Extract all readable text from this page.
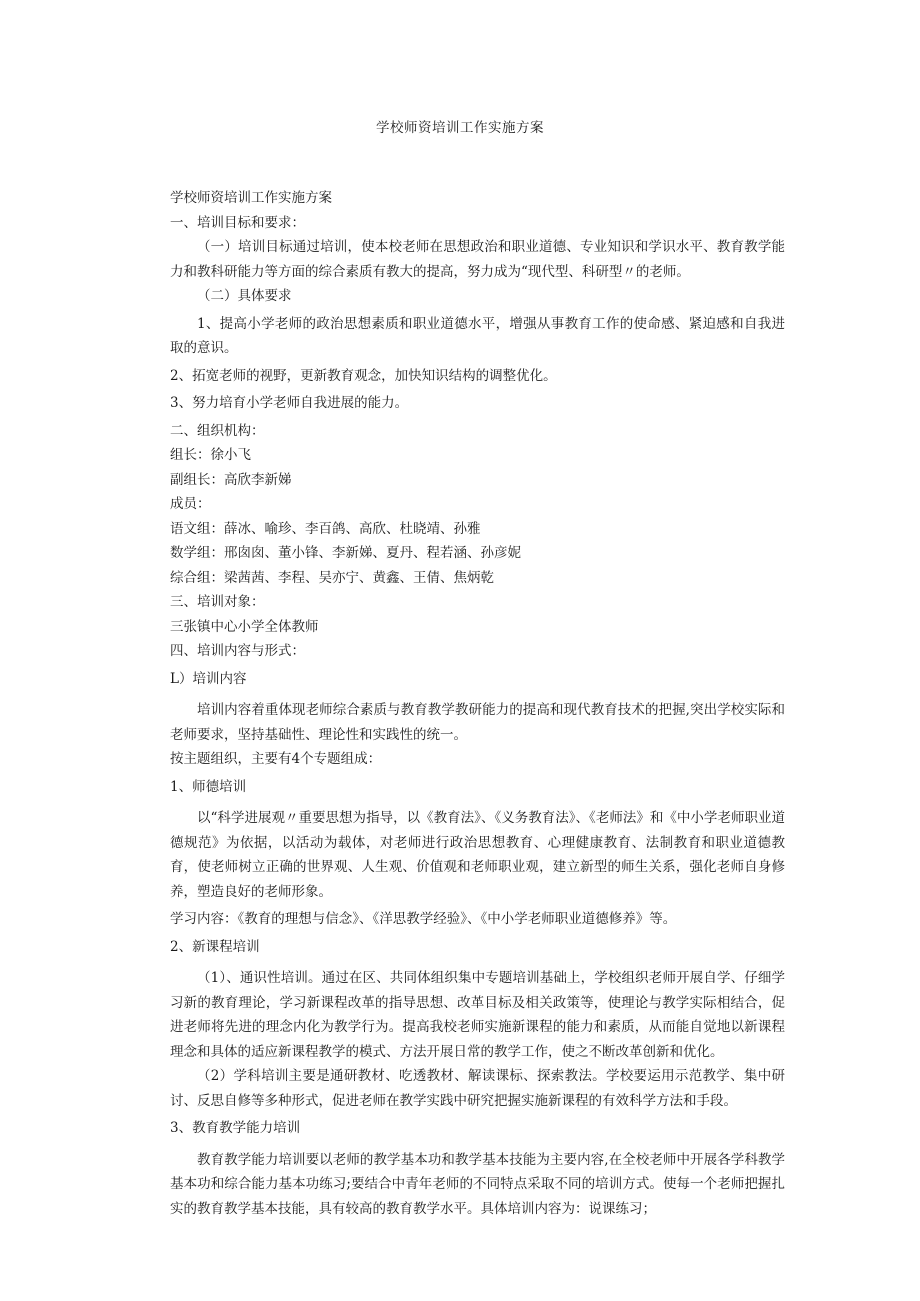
学校师资培训工作实施方案

学校师资培训工作实施方案

一、培训目标和要求：

（一）培训目标通过培训，使本校老师在思想政治和职业道德、专业知识和学识水平、教育教学能力和教科研能力等方面的综合素质有教大的提高，努力成为“现代型、科研型〃的老师。

（二）具体要求

1、提高小学老师的政治思想素质和职业道德水平，增强从事教育工作的使命感、紧迫感和自我进取的意识。

2、拓宽老师的视野，更新教育观念，加快知识结构的调整优化。

3、努力培育小学老师自我进展的能力。

二、组织机构：

组长：徐小飞

副组长：高欣李新娣

成员：

语文组：薛冰、喻珍、李百鸽、高欣、杜晓靖、孙雅

数学组：邢囱囱、董小锋、李新娣、夏丹、程若涵、孙彦妮

综合组：梁茜茜、李程、吴亦宁、黄鑫、王倩、焦炳乾

三、培训对象：

三张镇中心小学全体教师

四、培训内容与形式：

L）培训内容

培训内容着重体现老师综合素质与教育教学教研能力的提高和现代教育技术的把握,突出学校实际和老师要求，坚持基础性、理论性和实践性的统一。

按主题组织，主要有4个专题组成：

1、师德培训

以“科学进展观〃重要思想为指导，以《教育法》、《义务教育法》、《老师法》和《中小学老师职业道德规范》为依据，以活动为载体，对老师进行政治思想教育、心理健康教育、法制教育和职业道德教育，使老师树立正确的世界观、人生观、价值观和老师职业观，建立新型的师生关系，强化老师自身修养，塑造良好的老师形象。

学习内容：《教育的理想与信念》、《洋思教学经验》、《中小学老师职业道德修养》等。

2、新课程培训

（1）、通识性培训。通过在区、共同体组织集中专题培训基础上，学校组织老师开展自学、仔细学习新的教育理论，学习新课程改革的指导思想、改革目标及相关政策等，使理论与教学实际相结合，促进老师将先进的理念内化为教学行为。提高我校老师实施新课程的能力和素质，从而能自觉地以新课程理念和具体的适应新课程教学的模式、方法开展日常的教学工作，使之不断改革创新和优化。

（2）学科培训主要是通研教材、吃透教材、解读课标、探索教法。学校要运用示范教学、集中研讨、反思自修等多种形式，促进老师在教学实践中研究把握实施新课程的有效科学方法和手段。

3、教育教学能力培训

教育教学能力培训要以老师的教学基本功和教学基本技能为主要内容,在全校老师中开展各学科教学基本功和综合能力基本功练习;要结合中青年老师的不同特点采取不同的培训方式。使每一个老师把握扎实的教育教学基本技能，具有较高的教育教学水平。具体培训内容为：说课练习；
